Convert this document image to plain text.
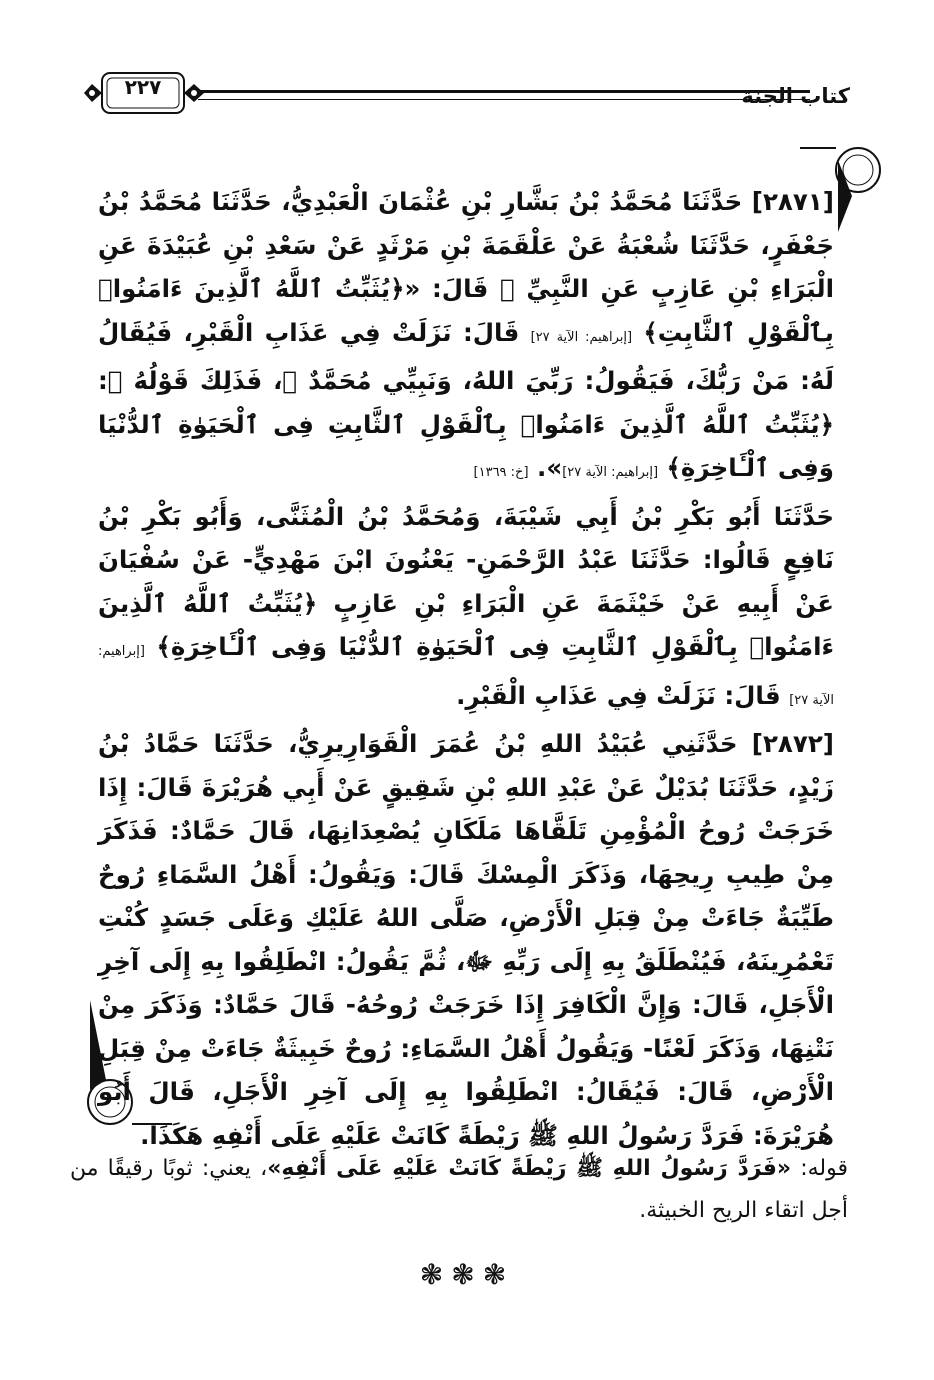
كتاب الجنة
٢٢٧

[٢٨٧١] حَدَّثَنَا مُحَمَّدُ بْنُ بَشَّارِ بْنِ عُثْمَانَ الْعَبْدِيُّ، حَدَّثَنَا مُحَمَّدُ بْنُ جَعْفَرٍ، حَدَّثَنَا شُعْبَةُ عَنْ عَلْقَمَةَ بْنِ مَرْثَدٍ عَنْ سَعْدِ بْنِ عُبَيْدَةَ عَنِ الْبَرَاءِ بْنِ عَازِبٍ عَنِ النَّبِيِّ ﷺ قَالَ: «﴿يُثَبِّتُ ٱللَّهُ ٱلَّذِينَ ءَامَنُوا۟ بِٱلْقَوْلِ ٱلثَّابِتِ﴾ [إبراهيم: الآية ٢٧] قَالَ: نَزَلَتْ فِي عَذَابِ الْقَبْرِ، فَيُقَالُ لَهُ: مَنْ رَبُّكَ، فَيَقُولُ: رَبِّيَ اللهُ، وَنَبِيِّي مُحَمَّدٌ ﷺ، فَذَلِكَ قَوْلُهُ ﷻ: ﴿يُثَبِّتُ ٱللَّهُ ٱلَّذِينَ ءَامَنُوا۟ بِٱلْقَوْلِ ٱلثَّابِتِ فِى ٱلْحَيَوٰةِ ٱلدُّنْيَا وَفِى ٱلْـَٔاخِرَةِ﴾ [إبراهيم: الآية ٢٧]». [خ: ١٣٦٩]

حَدَّثَنَا أَبُو بَكْرِ بْنُ أَبِي شَيْبَةَ، وَمُحَمَّدُ بْنُ الْمُثَنَّى، وَأَبُو بَكْرِ بْنُ نَافِعٍ قَالُوا: حَدَّثَنَا عَبْدُ الرَّحْمَنِ- يَعْنُونَ ابْنَ مَهْدِيٍّ- عَنْ سُفْيَانَ عَنْ أَبِيهِ عَنْ خَيْثَمَةَ عَنِ الْبَرَاءِ بْنِ عَازِبٍ ﴿يُثَبِّتُ ٱللَّهُ ٱلَّذِينَ ءَامَنُوا۟ بِٱلْقَوْلِ ٱلثَّابِتِ فِى ٱلْحَيَوٰةِ ٱلدُّنْيَا وَفِى ٱلْـَٔاخِرَةِ﴾ [إبراهيم: الآية ٢٧] قَالَ: نَزَلَتْ فِي عَذَابِ الْقَبْرِ.

[٢٨٧٢] حَدَّثَنِي عُبَيْدُ اللهِ بْنُ عُمَرَ الْقَوَارِيرِيُّ، حَدَّثَنَا حَمَّادُ بْنُ زَيْدٍ، حَدَّثَنَا بُدَيْلٌ عَنْ عَبْدِ اللهِ بْنِ شَقِيقٍ عَنْ أَبِي هُرَيْرَةَ قَالَ: إِذَا خَرَجَتْ رُوحُ الْمُؤْمِنِ تَلَقَّاهَا مَلَكَانِ يُصْعِدَانِهَا، قَالَ حَمَّادٌ: فَذَكَرَ مِنْ طِيبِ رِيحِهَا، وَذَكَرَ الْمِسْكَ قَالَ: وَيَقُولُ: أَهْلُ السَّمَاءِ رُوحٌ طَيِّبَةٌ جَاءَتْ مِنْ قِبَلِ الْأَرْضِ، صَلَّى اللهُ عَلَيْكِ وَعَلَى جَسَدٍ كُنْتِ تَعْمُرِينَهُ، فَيُنْطَلَقُ بِهِ إِلَى رَبِّهِ ﷻ، ثُمَّ يَقُولُ: انْطَلِقُوا بِهِ إِلَى آخِرِ الْأَجَلِ، قَالَ: وَإِنَّ الْكَافِرَ إِذَا خَرَجَتْ رُوحُهُ- قَالَ حَمَّادٌ: وَذَكَرَ مِنْ نَتْنِهَا، وَذَكَرَ لَعْنًا- وَيَقُولُ أَهْلُ السَّمَاءِ: رُوحٌ خَبِيثَةٌ جَاءَتْ مِنْ قِبَلِ الْأَرْضِ، قَالَ: فَيُقَالُ: انْطَلِقُوا بِهِ إِلَى آخِرِ الْأَجَلِ، قَالَ أَبُو هُرَيْرَةَ: فَرَدَّ رَسُولُ اللهِ ﷺ رَيْطَةً كَانَتْ عَلَيْهِ عَلَى أَنْفِهِ هَكَذَا.

قوله: «فَرَدَّ رَسُولُ اللهِ ﷺ رَيْطَةً كَانَتْ عَلَيْهِ عَلَى أَنْفِهِ»، يعني: ثوبًا رقيقًا من أجل اتقاء الريح الخبيثة.
❃❃❃
